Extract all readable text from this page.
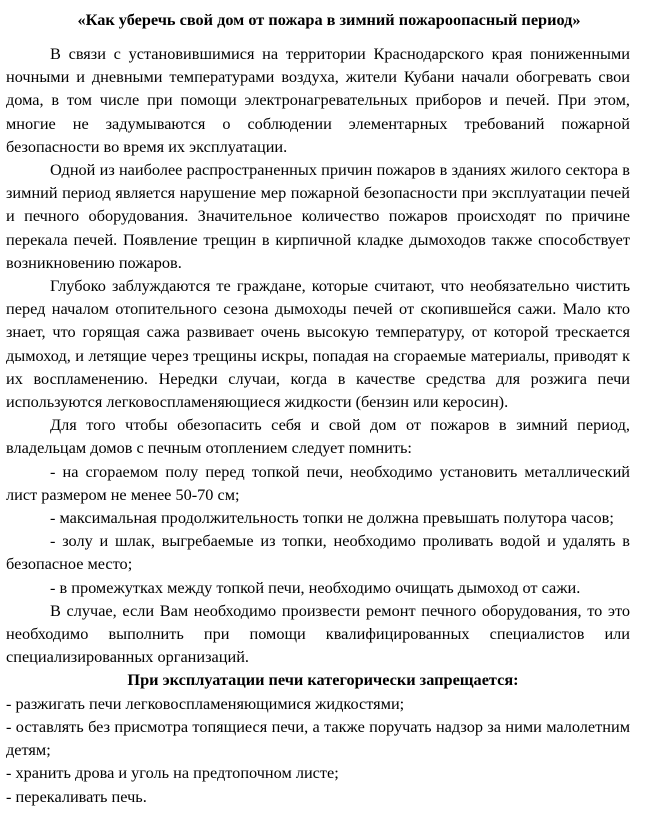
«Как уберечь свой дом от пожара в зимний пожароопасный период»

В связи с установившимися на территории Краснодарского края пониженными ночными и дневными температурами воздуха, жители Кубани начали обогревать свои дома, в том числе при помощи электронагревательных приборов и печей. При этом, многие не задумываются о соблюдении элементарных требований пожарной безопасности во время их эксплуатации.

Одной из наиболее распространенных причин пожаров в зданиях жилого сектора в зимний период является нарушение мер пожарной безопасности при эксплуатации печей и печного оборудования. Значительное количество пожаров происходят по причине перекала печей. Появление трещин в кирпичной кладке дымоходов также способствует возникновению пожаров.

Глубоко заблуждаются те граждане, которые считают, что необязательно чистить перед началом отопительного сезона дымоходы печей от скопившейся сажи. Мало кто знает, что горящая сажа развивает очень высокую температуру, от которой трескается дымоход, и летящие через трещины искры, попадая на сгораемые материалы, приводят к их воспламенению. Нередки случаи, когда в качестве средства для розжига печи используются легковоспламеняющиеся жидкости (бензин или керосин).

Для того чтобы обезопасить себя и свой дом от пожаров в зимний период, владельцам домов с печным отоплением следует помнить:

- на сгораемом полу перед топкой печи, необходимо установить металлический лист размером не менее 50-70 см;

- максимальная продолжительность топки не должна превышать полутора часов;

- золу и шлак, выгребаемые из топки, необходимо проливать водой и удалять в безопасное место;

- в промежутках между топкой печи, необходимо очищать дымоход от сажи.

В случае, если Вам необходимо произвести ремонт печного оборудования, то это необходимо выполнить при помощи квалифицированных специалистов или специализированных организаций.

При эксплуатации печи категорически запрещается:

- разжигать печи легковоспламеняющимися жидкостями;

- оставлять без присмотра топящиеся печи, а также поручать надзор за ними малолетним детям;

- хранить дрова и уголь на предтопочном листе;

- перекаливать печь.
